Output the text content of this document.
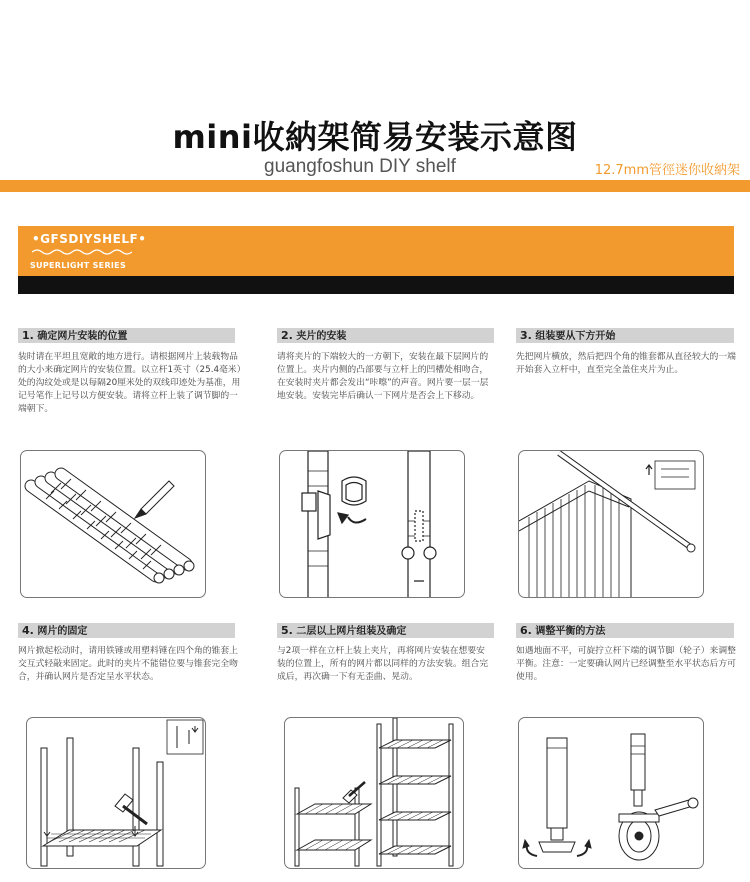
mini收納架简易安装示意图
guangfoshun DIY shelf	12.7mm管徑迷你收納架
•GFSDIYSHELF•
SUPERLIGHT SERIES
1. 确定网片安装的位置
装时请在平坦且宽敞的地方进行。请根据网片上装载物品的大小来确定网片的安装位置。以立杆1英寸（25.4毫米）处的沟纹处或是以每隔20厘米处的双线印迹处为基准，用记号笔作上记号以方便安装。请将立杆上装了调节脚的一端朝下。
2. 夹片的安装
请将夹片的下端较大的一方朝下，安装在最下层网片的位置上。夹片内侧的凸部要与立杆上的凹槽处相吻合，在安装时夹片都会发出“咔嚓”的声音。网片要一层一层地安装。安装完毕后确认一下网片是否会上下移动。
3. 组装要从下方开始
先把网片横放，然后把四个角的锥套都从直径较大的一端开始套入立杆中，直至完全盖住夹片为止。
4. 网片的固定
网片掀起松动时，请用铁锤或用塑料锤在四个角的锥套上交互式轻敲来固定。此时的夹片不能错位要与锥套完全吻合，并确认网片是否定呈水平状态。
5. 二层以上网片组装及确定
与2项一样在立杆上装上夹片，再将网片安装在想要安装的位置上，所有的网片都以同样的方法安装。组合完成后，再次确一下有无歪曲、晃动。
6. 调整平衡的方法
如遇地面不平，可旋拧立杆下端的调节脚（轮子）来调整平衡。注意：一定要确认网片已经调整至水平状态后方可使用。
